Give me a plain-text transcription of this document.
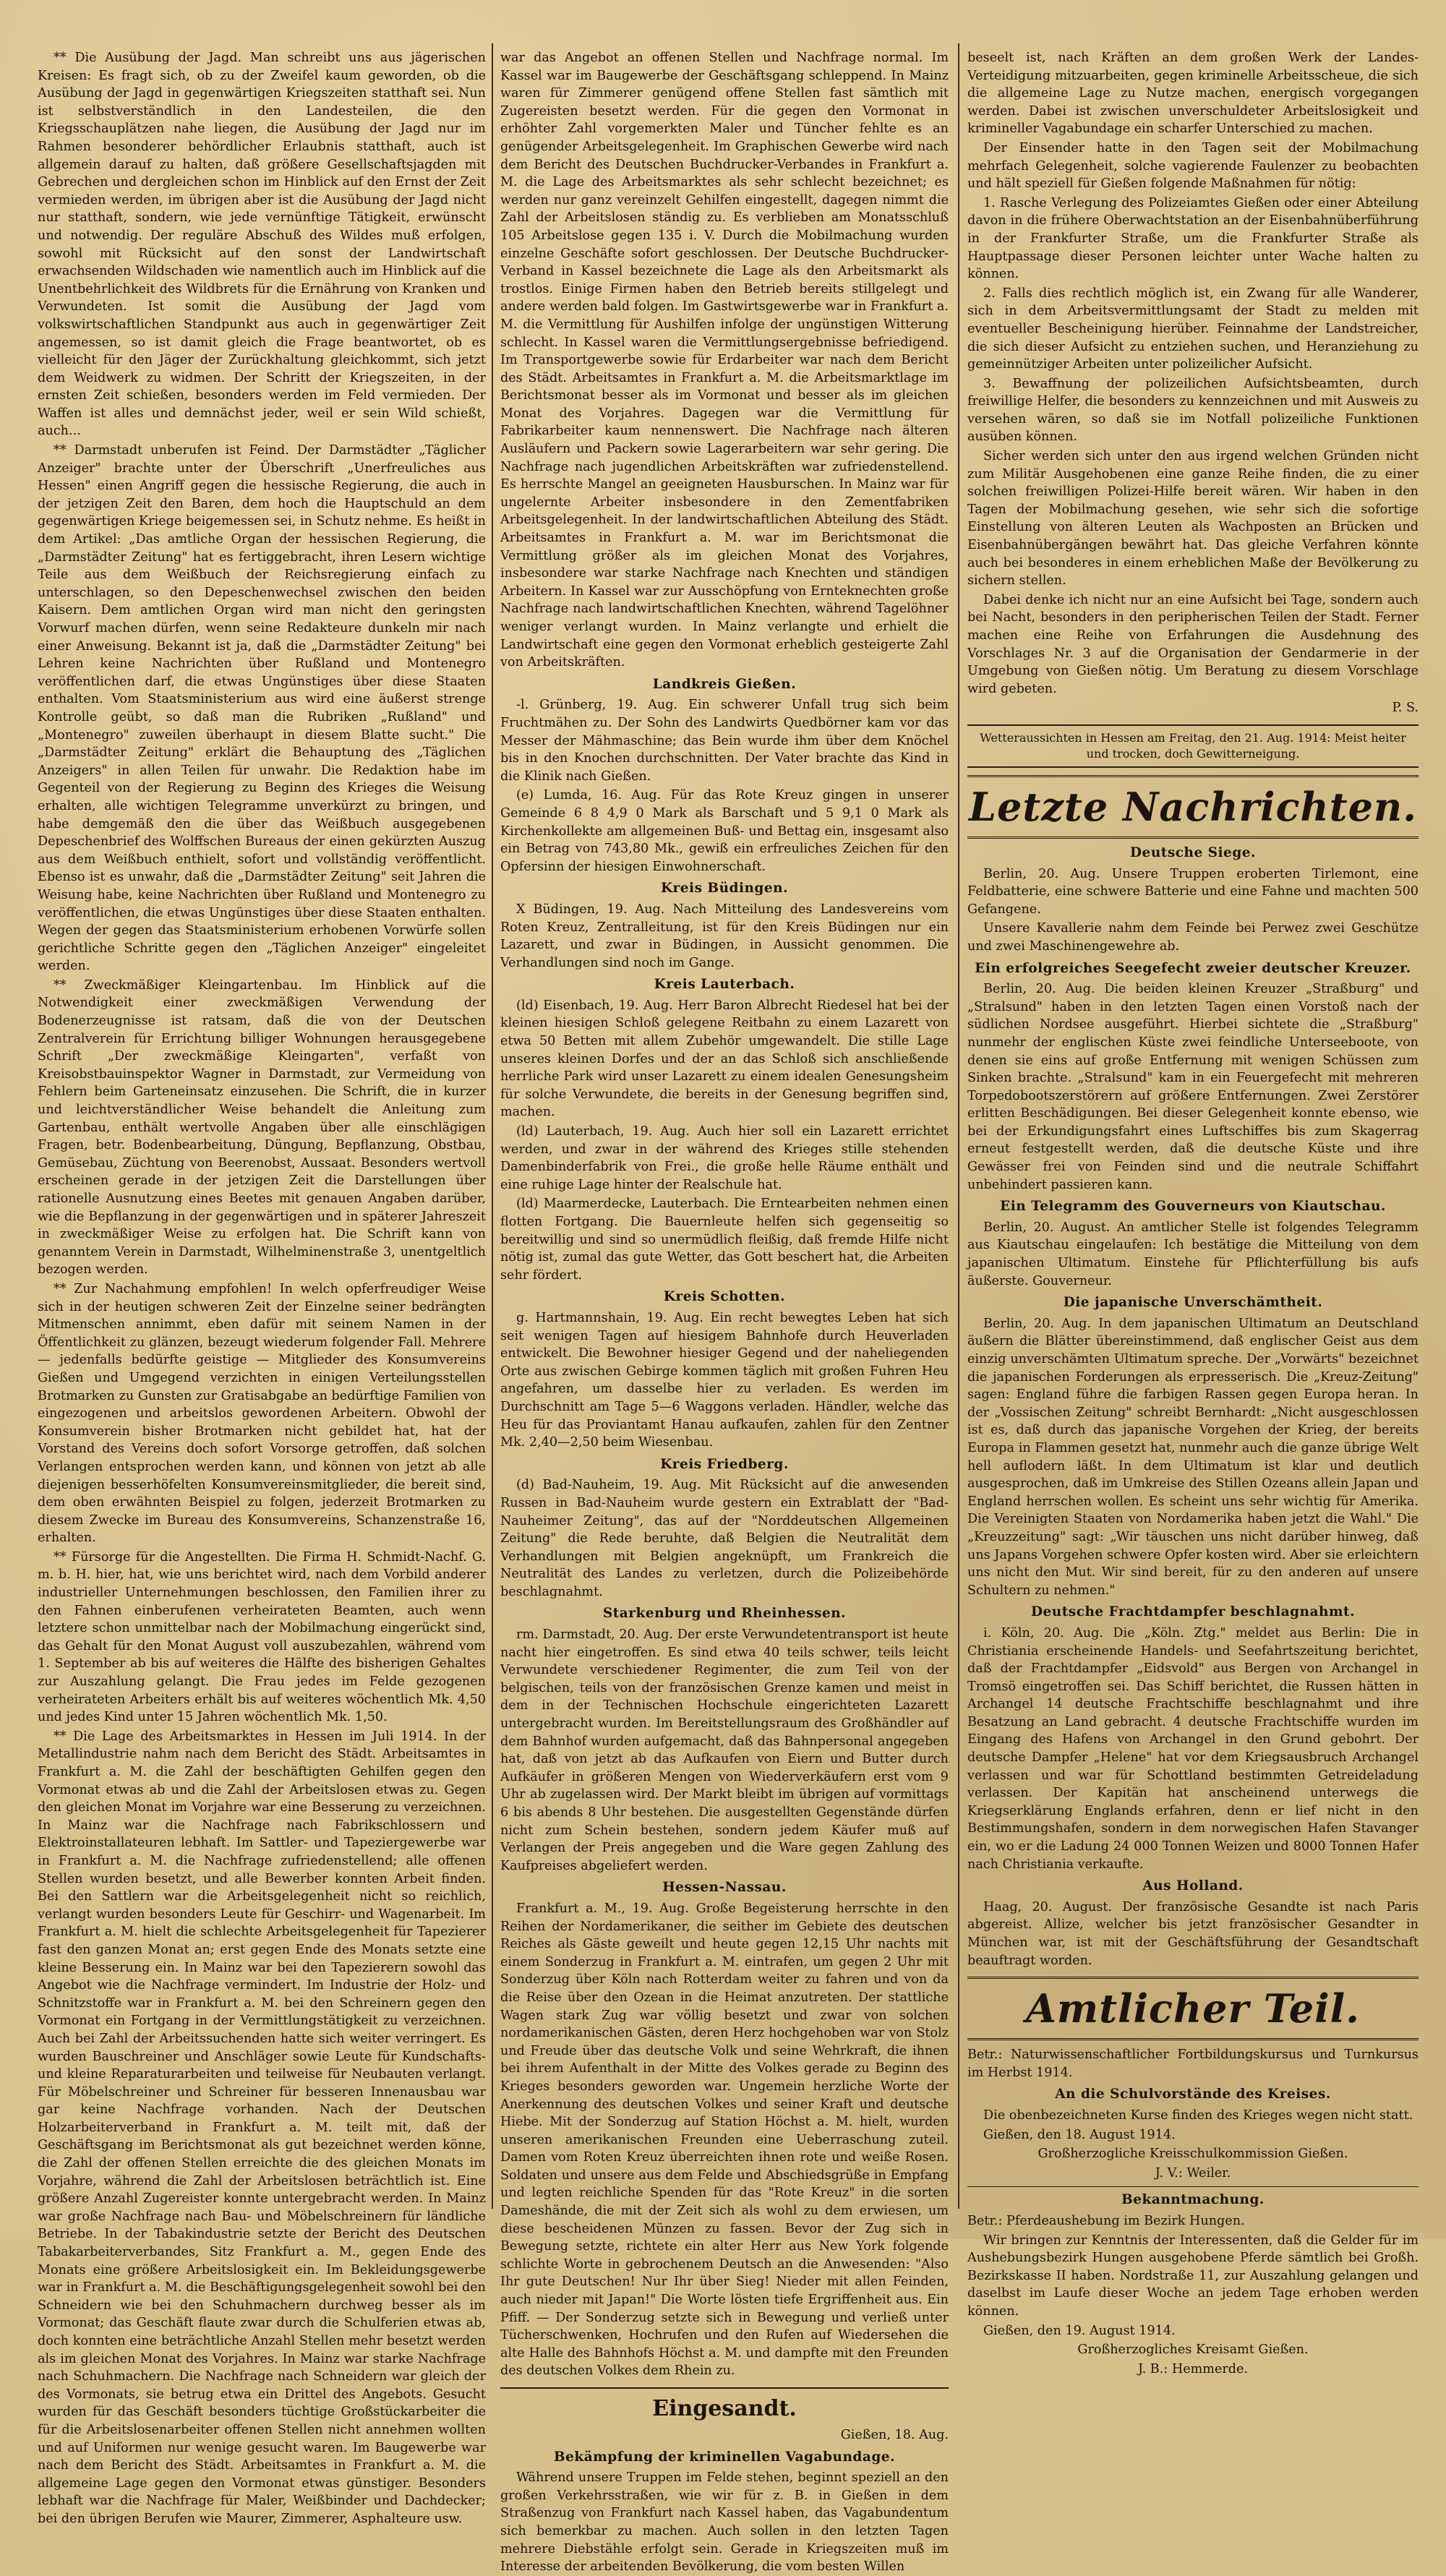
** Die Ausübung der Jagd. Man schreibt uns aus jägerischen Kreisen: Es fragt sich, ob zu der Zweifel kaum geworden, ob die Ausübung der Jagd in gegenwärtigen Kriegszeiten statthaft sei. Nun ist selbstverständlich in den Landesteilen, die den Kriegsschauplätzen nahe liegen, die Ausübung der Jagd nur im Rahmen besonderer behördlicher Erlaubnis statthaft, auch ist allgemein darauf zu halten, daß größere Gesellschaftsjagden mit Gebrechen und dergleichen schon im Hinblick auf den Ernst der Zeit vermieden werden, im übrigen aber ist die Ausübung der Jagd nicht nur statthaft, sondern, wie jede vernünftige Tätigkeit, erwünscht und notwendig. Der reguläre Abschuß des Wildes muß erfolgen, sowohl mit Rücksicht auf den sonst der Landwirtschaft erwachsenden Wildschaden wie namentlich auch im Hinblick auf die Unentbehrlichkeit des Wildbrets für die Ernährung von Kranken und Verwundeten. Ist somit die Ausübung der Jagd vom volkswirtschaftlichen Standpunkt aus auch in gegenwärtiger Zeit angemessen, so ist damit gleich die Frage beantwortet, ob es vielleicht für den Jäger der Zurückhaltung gleichkommt, sich jetzt dem Weidwerk zu widmen. Der Schritt der Kriegszeiten, in der ernsten Zeit schießen, besonders werden im Feld vermieden. Der Waffen ist alles und demnächst jeder, weil er sein Wild schießt, auch...

** Darmstadt unberufen ist Feind. Der Darmstädter „Täglicher Anzeiger" brachte unter der Überschrift „Unerfreuliches aus Hessen" einen Angriff gegen die hessische Regierung, die auch in der jetzigen Zeit den Baren, dem hoch die Hauptschuld an dem gegenwärtigen Kriege beigemessen sei, in Schutz nehme. Es heißt in dem Artikel: „Das amtliche Organ der hessischen Regierung, die „Darmstädter Zeitung" hat es fertiggebracht, ihren Lesern wichtige Teile aus dem Weißbuch der Reichsregierung einfach zu unterschlagen, so den Depeschenwechsel zwischen den beiden Kaisern. Dem amtlichen Organ wird man nicht den geringsten Vorwurf machen dürfen, wenn seine Redakteure dunkeln mir nach einer Anweisung. Bekannt ist ja, daß die „Darmstädter Zeitung" bei Lehren keine Nachrichten über Rußland und Montenegro veröffentlichen darf, die etwas Ungünstiges über diese Staaten enthalten. Vom Staatsministerium aus wird eine äußerst strenge Kontrolle geübt, so daß man die Rubriken „Rußland" und „Montenegro" zuweilen überhaupt in diesem Blatte sucht." Die „Darmstädter Zeitung" erklärt die Behauptung des „Täglichen Anzeigers" in allen Teilen für unwahr. Die Redaktion habe im Gegenteil von der Regierung zu Beginn des Krieges die Weisung erhalten, alle wichtigen Telegramme unverkürzt zu bringen, und habe demgemäß den die über das Weißbuch ausgegebenen Depeschenbrief des Wolffschen Bureaus der einen gekürzten Auszug aus dem Weißbuch enthielt, sofort und vollständig veröffentlicht. Ebenso ist es unwahr, daß die „Darmstädter Zeitung" seit Jahren die Weisung habe, keine Nachrichten über Rußland und Montenegro zu veröffentlichen, die etwas Ungünstiges über diese Staaten enthalten. Wegen der gegen das Staatsministerium erhobenen Vorwürfe sollen gerichtliche Schritte gegen den „Täglichen Anzeiger" eingeleitet werden.

** Zweckmäßiger Kleingartenbau. Im Hinblick auf die Notwendigkeit einer zweckmäßigen Verwendung der Bodenerzeugnisse ist ratsam, daß die von der Deutschen Zentralverein für Errichtung billiger Wohnungen herausgegebene Schrift „Der zweckmäßige Kleingarten", verfaßt von Kreisobstbauinspektor Wagner in Darmstadt, zur Vermeidung von Fehlern beim Garteneinsatz einzusehen. Die Schrift, die in kurzer und leichtverständlicher Weise behandelt die Anleitung zum Gartenbau, enthält wertvolle Angaben über alle einschlägigen Fragen, betr. Bodenbearbeitung, Düngung, Bepflanzung, Obstbau, Gemüsebau, Züchtung von Beerenobst, Aussaat. Besonders wertvoll erscheinen gerade in der jetzigen Zeit die Darstellungen über rationelle Ausnutzung eines Beetes mit genauen Angaben darüber, wie die Bepflanzung in der gegenwärtigen und in späterer Jahreszeit in zweckmäßiger Weise zu erfolgen hat. Die Schrift kann von genanntem Verein in Darmstadt, Wilhelminenstraße 3, unentgeltlich bezogen werden.

** Zur Nachahmung empfohlen! In welch opferfreudiger Weise sich in der heutigen schweren Zeit der Einzelne seiner bedrängten Mitmenschen annimmt, eben dafür mit seinem Namen in der Öffentlichkeit zu glänzen, bezeugt wiederum folgender Fall. Mehrere — jedenfalls bedürfte geistige — Mitglieder des Konsumvereins Gießen und Umgegend verzichten in einigen Verteilungsstellen Brotmarken zu Gunsten zur Gratisabgabe an bedürftige Familien von eingezogenen und arbeitslos gewordenen Arbeitern. Obwohl der Konsumverein bisher Brotmarken nicht gebildet hat, hat der Vorstand des Vereins doch sofort Vorsorge getroffen, daß solchen Verlangen entsprochen werden kann, und können von jetzt ab alle diejenigen besserhöfelten Konsumvereinsmitglieder, die bereit sind, dem oben erwähnten Beispiel zu folgen, jederzeit Brotmarken zu diesem Zwecke im Bureau des Konsumvereins, Schanzenstraße 16, erhalten.

** Fürsorge für die Angestellten. Die Firma H. Schmidt-Nachf. G. m. b. H. hier, hat, wie uns berichtet wird, nach dem Vorbild anderer industrieller Unternehmungen beschlossen, den Familien ihrer zu den Fahnen einberufenen verheirateten Beamten, auch wenn letztere schon unmittelbar nach der Mobilmachung eingerückt sind, das Gehalt für den Monat August voll auszubezahlen, während vom 1. September ab bis auf weiteres die Hälfte des bisherigen Gehaltes zur Auszahlung gelangt. Die Frau jedes im Felde gezogenen verheirateten Arbeiters erhält bis auf weiteres wöchentlich Mk. 4,50 und jedes Kind unter 15 Jahren wöchentlich Mk. 1,50.

** Die Lage des Arbeitsmarktes in Hessen im Juli 1914. In der Metallindustrie nahm nach dem Bericht des Städt. Arbeitsamtes in Frankfurt a. M. die Zahl der beschäftigten Gehilfen gegen den Vormonat etwas ab und die Zahl der Arbeitslosen etwas zu. Gegen den gleichen Monat im Vorjahre war eine Besserung zu verzeichnen. In Mainz war die Nachfrage nach Fabrikschlossern und Elektroinstallateuren lebhaft. Im Sattler- und Tapeziergewerbe war in Frankfurt a. M. die Nachfrage zufriedenstellend; alle offenen Stellen wurden besetzt, und alle Bewerber konnten Arbeit finden. Bei den Sattlern war die Arbeitsgelegenheit nicht so reichlich, verlangt wurden besonders Leute für Geschirr- und Wagenarbeit. Im Frankfurt a. M. hielt die schlechte Arbeitsgelegenheit für Tapezierer fast den ganzen Monat an; erst gegen Ende des Monats setzte eine kleine Besserung ein. In Mainz war bei den Tapezierern sowohl das Angebot wie die Nachfrage vermindert. Im Industrie der Holz- und Schnitzstoffe war in Frankfurt a. M. bei den Schreinern gegen den Vormonat ein Fortgang in der Vermittlungstätigkeit zu verzeichnen. Auch bei Zahl der Arbeitssuchenden hatte sich weiter verringert. Es wurden Bauschreiner und Anschläger sowie Leute für Kundschafts- und kleine Reparaturarbeiten und teilweise für Neubauten verlangt. Für Möbelschreiner und Schreiner für besseren Innenausbau war gar keine Nachfrage vorhanden. Nach der Deutschen Holzarbeiterverband in Frankfurt a. M. teilt mit, daß der Geschäftsgang im Berichtsmonat als gut bezeichnet werden könne, die Zahl der offenen Stellen erreichte die des gleichen Monats im Vorjahre, während die Zahl der Arbeitslosen beträchtlich ist. Eine größere Anzahl Zugereister konnte untergebracht werden. In Mainz war große Nachfrage nach Bau- und Möbelschreinern für ländliche Betriebe. In der Tabakindustrie setzte der Bericht des Deutschen Tabakarbeiterverbandes, Sitz Frankfurt a. M., gegen Ende des Monats eine größere Arbeitslosigkeit ein. Im Bekleidungsgewerbe war in Frankfurt a. M. die Beschäftigungsgelegenheit sowohl bei den Schneidern wie bei den Schuhmachern durchweg besser als im Vormonat; das Geschäft flaute zwar durch die Schulferien etwas ab, doch konnten eine beträchtliche Anzahl Stellen mehr besetzt werden als im gleichen Monat des Vorjahres. In Mainz war starke Nachfrage nach Schuhmachern. Die Nachfrage nach Schneidern war gleich der des Vormonats, sie betrug etwa ein Drittel des Angebots. Gesucht wurden für das Geschäft besonders tüchtige Großstückarbeiter die für die Arbeitslosenarbeiter offenen Stellen nicht annehmen wollten und auf Uniformen nur wenige gesucht waren. Im Baugewerbe war nach dem Bericht des Städt. Arbeitsamtes in Frankfurt a. M. die allgemeine Lage gegen den Vormonat etwas günstiger. Besonders lebhaft war die Nachfrage für Maler, Weißbinder und Dachdecker; bei den übrigen Berufen wie Maurer, Zimmerer, Asphalteure usw.

war das Angebot an offenen Stellen und Nachfrage normal. Im Kassel war im Baugewerbe der Geschäftsgang schleppend. In Mainz waren für Zimmerer genügend offene Stellen fast sämtlich mit Zugereisten besetzt werden. Für die gegen den Vormonat in erhöhter Zahl vorgemerkten Maler und Tüncher fehlte es an genügender Arbeitsgelegenheit. Im Graphischen Gewerbe wird nach dem Bericht des Deutschen Buchdrucker-Verbandes in Frankfurt a. M. die Lage des Arbeitsmarktes als sehr schlecht bezeichnet; es werden nur ganz vereinzelt Gehilfen eingestellt, dagegen nimmt die Zahl der Arbeitslosen ständig zu. Es verblieben am Monatsschluß 105 Arbeitslose gegen 135 i. V. Durch die Mobilmachung wurden einzelne Geschäfte sofort geschlossen. Der Deutsche Buchdrucker-Verband in Kassel bezeichnete die Lage als den Arbeitsmarkt als trostlos. Einige Firmen haben den Betrieb bereits stillgelegt und andere werden bald folgen. Im Gastwirtsgewerbe war in Frankfurt a. M. die Vermittlung für Aushilfen infolge der ungünstigen Witterung schlecht. In Kassel waren die Vermittlungsergebnisse befriedigend. Im Transportgewerbe sowie für Erdarbeiter war nach dem Bericht des Städt. Arbeitsamtes in Frankfurt a. M. die Arbeitsmarktlage im Berichtsmonat besser als im Vormonat und besser als im gleichen Monat des Vorjahres. Dagegen war die Vermittlung für Fabrikarbeiter kaum nennenswert. Die Nachfrage nach älteren Ausläufern und Packern sowie Lagerarbeitern war sehr gering. Die Nachfrage nach jugendlichen Arbeitskräften war zufriedenstellend. Es herrschte Mangel an geeigneten Hausburschen. In Mainz war für ungelernte Arbeiter insbesondere in den Zementfabriken Arbeitsgelegenheit. In der landwirtschaftlichen Abteilung des Städt. Arbeitsamtes in Frankfurt a. M. war im Berichtsmonat die Vermittlung größer als im gleichen Monat des Vorjahres, insbesondere war starke Nachfrage nach Knechten und ständigen Arbeitern. In Kassel war zur Ausschöpfung von Ernteknechten große Nachfrage nach landwirtschaftlichen Knechten, während Tagelöhner weniger verlangt wurden. In Mainz verlangte und erhielt die Landwirtschaft eine gegen den Vormonat erheblich gesteigerte Zahl von Arbeitskräften.

Landkreis Gießen.

-l. Grünberg, 19. Aug. Ein schwerer Unfall trug sich beim Fruchtmähen zu. Der Sohn des Landwirts Quedbörner kam vor das Messer der Mähmaschine; das Bein wurde ihm über dem Knöchel bis in den Knochen durchschnitten. Der Vater brachte das Kind in die Klinik nach Gießen.

(e) Lumda, 16. Aug. Für das Rote Kreuz gingen in unserer Gemeinde 6 8 4,9 0 Mark als Barschaft und 5 9,1 0 Mark als Kirchenkollekte am allgemeinen Buß- und Bettag ein, insgesamt also ein Betrag von 743,80 Mk., gewiß ein erfreuliches Zeichen für den Opfersinn der hiesigen Einwohnerschaft.

Kreis Büdingen.

X Büdingen, 19. Aug. Nach Mitteilung des Landesvereins vom Roten Kreuz, Zentralleitung, ist für den Kreis Büdingen nur ein Lazarett, und zwar in Büdingen, in Aussicht genommen. Die Verhandlungen sind noch im Gange.

Kreis Lauterbach.

(ld) Eisenbach, 19. Aug. Herr Baron Albrecht Riedesel hat bei der kleinen hiesigen Schloß gelegene Reitbahn zu einem Lazarett von etwa 50 Betten mit allem Zubehör umgewandelt. Die stille Lage unseres kleinen Dorfes und der an das Schloß sich anschließende herrliche Park wird unser Lazarett zu einem idealen Genesungsheim für solche Verwundete, die bereits in der Genesung begriffen sind, machen.

(ld) Lauterbach, 19. Aug. Auch hier soll ein Lazarett errichtet werden, und zwar in der während des Krieges stille stehenden Damenbinderfabrik von Frei., die große helle Räume enthält und eine ruhige Lage hinter der Realschule hat.

(ld) Maarmerdecke, Lauterbach. Die Erntearbeiten nehmen einen flotten Fortgang. Die Bauernleute helfen sich gegenseitig so bereitwillig und sind so unermüdlich fleißig, daß fremde Hilfe nicht nötig ist, zumal das gute Wetter, das Gott beschert hat, die Arbeiten sehr fördert.

Kreis Schotten.

g. Hartmannshain, 19. Aug. Ein recht bewegtes Leben hat sich seit wenigen Tagen auf hiesigem Bahnhofe durch Heuverladen entwickelt. Die Bewohner hiesiger Gegend und der naheliegenden Orte aus zwischen Gebirge kommen täglich mit großen Fuhren Heu angefahren, um dasselbe hier zu verladen. Es werden im Durchschnitt am Tage 5—6 Waggons verladen. Händler, welche das Heu für das Proviantamt Hanau aufkaufen, zahlen für den Zentner Mk. 2,40—2,50 beim Wiesenbau.

Kreis Friedberg.

(d) Bad-Nauheim, 19. Aug. Mit Rücksicht auf die anwesenden Russen in Bad-Nauheim wurde gestern ein Extrablatt der "Bad-Nauheimer Zeitung", das auf der "Norddeutschen Allgemeinen Zeitung" die Rede beruhte, daß Belgien die Neutralität dem Verhandlungen mit Belgien angeknüpft, um Frankreich die Neutralität des Landes zu verletzen, durch die Polizeibehörde beschlagnahmt.

Starkenburg und Rheinhessen.

rm. Darmstadt, 20. Aug. Der erste Verwundetentransport ist heute nacht hier eingetroffen. Es sind etwa 40 teils schwer, teils leicht Verwundete verschiedener Regimenter, die zum Teil von der belgischen, teils von der französischen Grenze kamen und meist in dem in der Technischen Hochschule eingerichteten Lazarett untergebracht wurden. Im Bereitstellungsraum des Großhändler auf dem Bahnhof wurden aufgemacht, daß das Bahnpersonal angegeben hat, daß von jetzt ab das Aufkaufen von Eiern und Butter durch Aufkäufer in größeren Mengen von Wiederverkäufern erst vom 9 Uhr ab zugelassen wird. Der Markt bleibt im übrigen auf vormittags 6 bis abends 8 Uhr bestehen. Die ausgestellten Gegenstände dürfen nicht zum Schein bestehen, sondern jedem Käufer muß auf Verlangen der Preis angegeben und die Ware gegen Zahlung des Kaufpreises abgeliefert werden.

Hessen-Nassau.

Frankfurt a. M., 19. Aug. Große Begeisterung herrschte in den Reihen der Nordamerikaner, die seither im Gebiete des deutschen Reiches als Gäste geweilt und heute gegen 12,15 Uhr nachts mit einem Sonderzug in Frankfurt a. M. eintrafen, um gegen 2 Uhr mit Sonderzug über Köln nach Rotterdam weiter zu fahren und von da die Reise über den Ozean in die Heimat anzutreten. Der stattliche Wagen stark Zug war völlig besetzt und zwar von solchen nordamerikanischen Gästen, deren Herz hochgehoben war von Stolz und Freude über das deutsche Volk und seine Wehrkraft, die ihnen bei ihrem Aufenthalt in der Mitte des Volkes gerade zu Beginn des Krieges besonders geworden war. Ungemein herzliche Worte der Anerkennung des deutschen Volkes und seiner Kraft und deutsche Hiebe. Mit der Sonderzug auf Station Höchst a. M. hielt, wurden unseren amerikanischen Freunden eine Ueberraschung zuteil. Damen vom Roten Kreuz überreichten ihnen rote und weiße Rosen. Soldaten und unsere aus dem Felde und Abschiedsgrüße in Empfang und legten reichliche Spenden für das "Rote Kreuz" in die sorten Dameshände, die mit der Zeit sich als wohl zu dem erwiesen, um diese bescheidenen Münzen zu fassen. Bevor der Zug sich in Bewegung setzte, richtete ein alter Herr aus New York folgende schlichte Worte in gebrochenem Deutsch an die Anwesenden: "Also Ihr gute Deutschen! Nur Ihr über Sieg! Nieder mit allen Feinden, auch nieder mit Japan!" Die Worte lösten tiefe Ergriffenheit aus. Ein Pfiff. — Der Sonderzug setzte sich in Bewegung und verließ unter Tücherschwenken, Hochrufen und den Rufen auf Wiedersehen die alte Halle des Bahnhofs Höchst a. M. und dampfte mit den Freunden des deutschen Volkes dem Rhein zu.

Eingesandt.

Gießen, 18. Aug.

Bekämpfung der kriminellen Vagabundage.

Während unsere Truppen im Felde stehen, beginnt speziell an den großen Verkehrsstraßen, wie wir für z. B. in Gießen in dem Straßenzug von Frankfurt nach Kassel haben, das Vagabundentum sich bemerkbar zu machen. Auch sollen in den letzten Tagen mehrere Diebstähle erfolgt sein. Gerade in Kriegszeiten muß im Interesse der arbeitenden Bevölkerung, die vom besten Willen

beseelt ist, nach Kräften an dem großen Werk der Landes-Verteidigung mitzuarbeiten, gegen kriminelle Arbeitsscheue, die sich die allgemeine Lage zu Nutze machen, energisch vorgegangen werden. Dabei ist zwischen unverschuldeter Arbeitslosigkeit und krimineller Vagabundage ein scharfer Unterschied zu machen.

Der Einsender hatte in den Tagen seit der Mobilmachung mehrfach Gelegenheit, solche vagierende Faulenzer zu beobachten und hält speziell für Gießen folgende Maßnahmen für nötig:

1. Rasche Verlegung des Polizeiamtes Gießen oder einer Abteilung davon in die frühere Oberwachtstation an der Eisenbahnüberführung in der Frankfurter Straße, um die Frankfurter Straße als Hauptpassage dieser Personen leichter unter Wache halten zu können.

2. Falls dies rechtlich möglich ist, ein Zwang für alle Wanderer, sich in dem Arbeitsvermittlungsamt der Stadt zu melden mit eventueller Bescheinigung hierüber. Feinnahme der Landstreicher, die sich dieser Aufsicht zu entziehen suchen, und Heranziehung zu gemeinnütziger Arbeiten unter polizeilicher Aufsicht.

3. Bewaffnung der polizeilichen Aufsichtsbeamten, durch freiwillige Helfer, die besonders zu kennzeichnen und mit Ausweis zu versehen wären, so daß sie im Notfall polizeiliche Funktionen ausüben können.

Sicher werden sich unter den aus irgend welchen Gründen nicht zum Militär Ausgehobenen eine ganze Reihe finden, die zu einer solchen freiwilligen Polizei-Hilfe bereit wären. Wir haben in den Tagen der Mobilmachung gesehen, wie sehr sich die sofortige Einstellung von älteren Leuten als Wachposten an Brücken und Eisenbahnübergängen bewährt hat. Das gleiche Verfahren könnte auch bei besonderes in einem erheblichen Maße der Bevölkerung zu sichern stellen.

Dabei denke ich nicht nur an eine Aufsicht bei Tage, sondern auch bei Nacht, besonders in den peripherischen Teilen der Stadt. Ferner machen eine Reihe von Erfahrungen die Ausdehnung des Vorschlages Nr. 3 auf die Organisation der Gendarmerie in der Umgebung von Gießen nötig. Um Beratung zu diesem Vorschlage wird gebeten.

P. S.

Wetteraussichten in Hessen am Freitag, den 21. Aug. 1914: Meist heiter und trocken, doch Gewitterneigung.
Letzte Nachrichten.
Deutsche Siege.

Berlin, 20. Aug. Unsere Truppen eroberten Tirlemont, eine Feldbatterie, eine schwere Batterie und eine Fahne und machten 500 Gefangene.

Unsere Kavallerie nahm dem Feinde bei Perwez zwei Geschütze und zwei Maschinengewehre ab.

Ein erfolgreiches Seegefecht zweier deutscher Kreuzer.

Berlin, 20. Aug. Die beiden kleinen Kreuzer „Straßburg" und „Stralsund" haben in den letzten Tagen einen Vorstoß nach der südlichen Nordsee ausgeführt. Hierbei sichtete die „Straßburg" nunmehr der englischen Küste zwei feindliche Unterseeboote, von denen sie eins auf große Entfernung mit wenigen Schüssen zum Sinken brachte. „Stralsund" kam in ein Feuergefecht mit mehreren Torpedobootszerstörern auf größere Entfernungen. Zwei Zerstörer erlitten Beschädigungen. Bei dieser Gelegenheit konnte ebenso, wie bei der Erkundigungsfahrt eines Luftschiffes bis zum Skagerrag erneut festgestellt werden, daß die deutsche Küste und ihre Gewässer frei von Feinden sind und die neutrale Schiffahrt unbehindert passieren kann.

Ein Telegramm des Gouverneurs von Kiautschau.

Berlin, 20. August. An amtlicher Stelle ist folgendes Telegramm aus Kiautschau eingelaufen: Ich bestätige die Mitteilung von dem japanischen Ultimatum. Einstehe für Pflichterfüllung bis aufs äußerste. Gouverneur.

Die japanische Unverschämtheit.

Berlin, 20. Aug. In dem japanischen Ultimatum an Deutschland äußern die Blätter übereinstimmend, daß englischer Geist aus dem einzig unverschämten Ultimatum spreche. Der „Vorwärts" bezeichnet die japanischen Forderungen als erpresserisch. Die „Kreuz-Zeitung" sagen: England führe die farbigen Rassen gegen Europa heran. In der „Vossischen Zeitung" schreibt Bernhardt: „Nicht ausgeschlossen ist es, daß durch das japanische Vorgehen der Krieg, der bereits Europa in Flammen gesetzt hat, nunmehr auch die ganze übrige Welt hell auflodern läßt. In dem Ultimatum ist klar und deutlich ausgesprochen, daß im Umkreise des Stillen Ozeans allein Japan und England herrschen wollen. Es scheint uns sehr wichtig für Amerika. Die Vereinigten Staaten von Nordamerika haben jetzt die Wahl." Die „Kreuzzeitung" sagt: „Wir täuschen uns nicht darüber hinweg, daß uns Japans Vorgehen schwere Opfer kosten wird. Aber sie erleichtern uns nicht den Mut. Wir sind bereit, für zu den anderen auf unsere Schultern zu nehmen."

Deutsche Frachtdampfer beschlagnahmt.

i. Köln, 20. Aug. Die „Köln. Ztg." meldet aus Berlin: Die in Christiania erscheinende Handels- und Seefahrtszeitung berichtet, daß der Frachtdampfer „Eidsvold" aus Bergen von Archangel in Tromsö eingetroffen sei. Das Schiff berichtet, die Russen hätten in Archangel 14 deutsche Frachtschiffe beschlagnahmt und ihre Besatzung an Land gebracht. 4 deutsche Frachtschiffe wurden im Eingang des Hafens von Archangel in den Grund gebohrt. Der deutsche Dampfer „Helene" hat vor dem Kriegsausbruch Archangel verlassen und war für Schottland bestimmten Getreideladung verlassen. Der Kapitän hat anscheinend unterwegs die Kriegserklärung Englands erfahren, denn er lief nicht in den Bestimmungshafen, sondern in dem norwegischen Hafen Stavanger ein, wo er die Ladung 24 000 Tonnen Weizen und 8000 Tonnen Hafer nach Christiania verkaufte.

Aus Holland.

Haag, 20. August. Der französische Gesandte ist nach Paris abgereist. Allize, welcher bis jetzt französischer Gesandter in München war, ist mit der Geschäftsführung der Gesandtschaft beauftragt worden.

Amtlicher Teil.

Betr.: Naturwissenschaftlicher Fortbildungskursus und Turnkursus im Herbst 1914.

An die Schulvorstände des Kreises.

Die obenbezeichneten Kurse finden des Krieges wegen nicht statt.

Gießen, den 18. August 1914.

Großherzogliche Kreisschulkommission Gießen.

J. V.: Weiler.

Bekanntmachung.

Betr.: Pferdeaushebung im Bezirk Hungen.

Wir bringen zur Kenntnis der Interessenten, daß die Gelder für im Aushebungsbezirk Hungen ausgehobene Pferde sämtlich bei Großh. Bezirkskasse II haben. Nordstraße 11, zur Auszahlung gelangen und daselbst im Laufe dieser Woche an jedem Tage erhoben werden können.

Gießen, den 19. August 1914.

Großherzogliches Kreisamt Gießen.

J. B.: Hemmerde.
